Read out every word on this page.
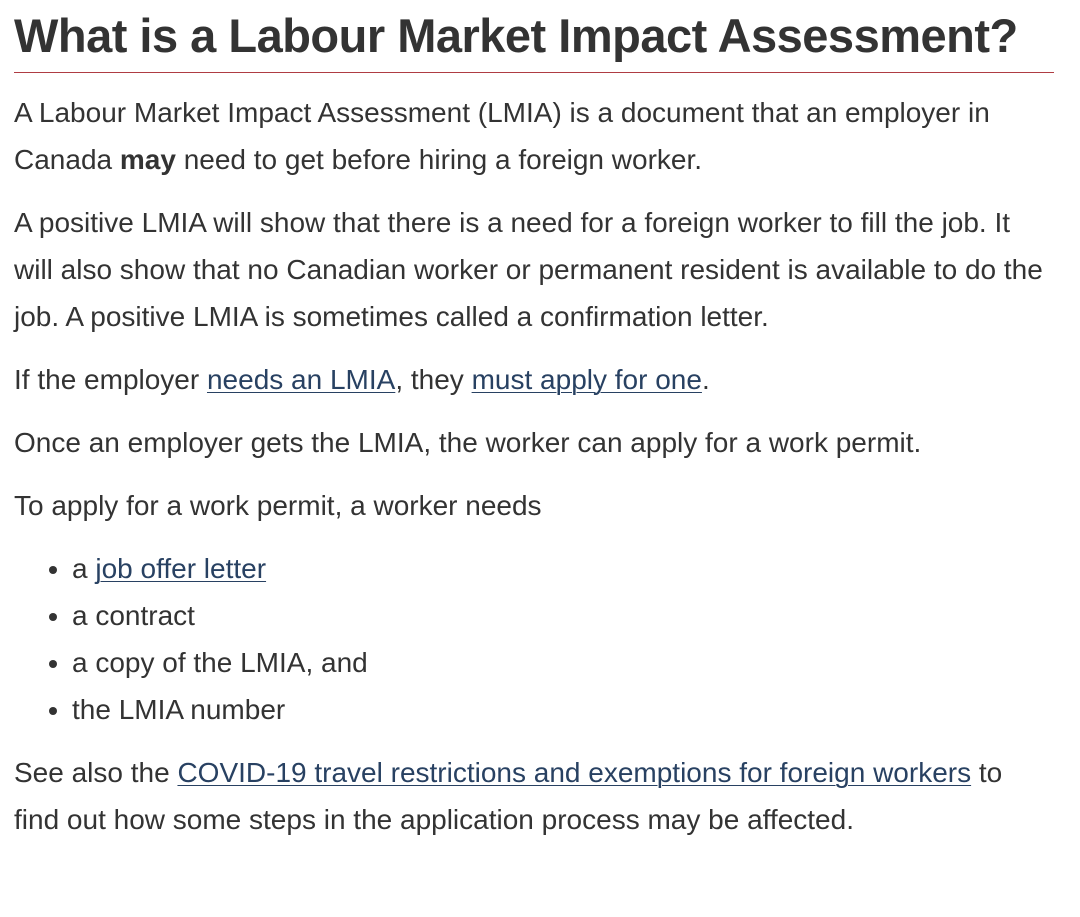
What is a Labour Market Impact Assessment?

A Labour Market Impact Assessment (LMIA) is a document that an employer in Canada may need to get before hiring a foreign worker.

A positive LMIA will show that there is a need for a foreign worker to fill the job. It will also show that no Canadian worker or permanent resident is available to do the job. A positive LMIA is sometimes called a confirmation letter.

If the employer needs an LMIA, they must apply for one.

Once an employer gets the LMIA, the worker can apply for a work permit.

To apply for a work permit, a worker needs

• a job offer letter
• a contract
• a copy of the LMIA, and
• the LMIA number

See also the COVID-19 travel restrictions and exemptions for foreign workers to find out how some steps in the application process may be affected.
